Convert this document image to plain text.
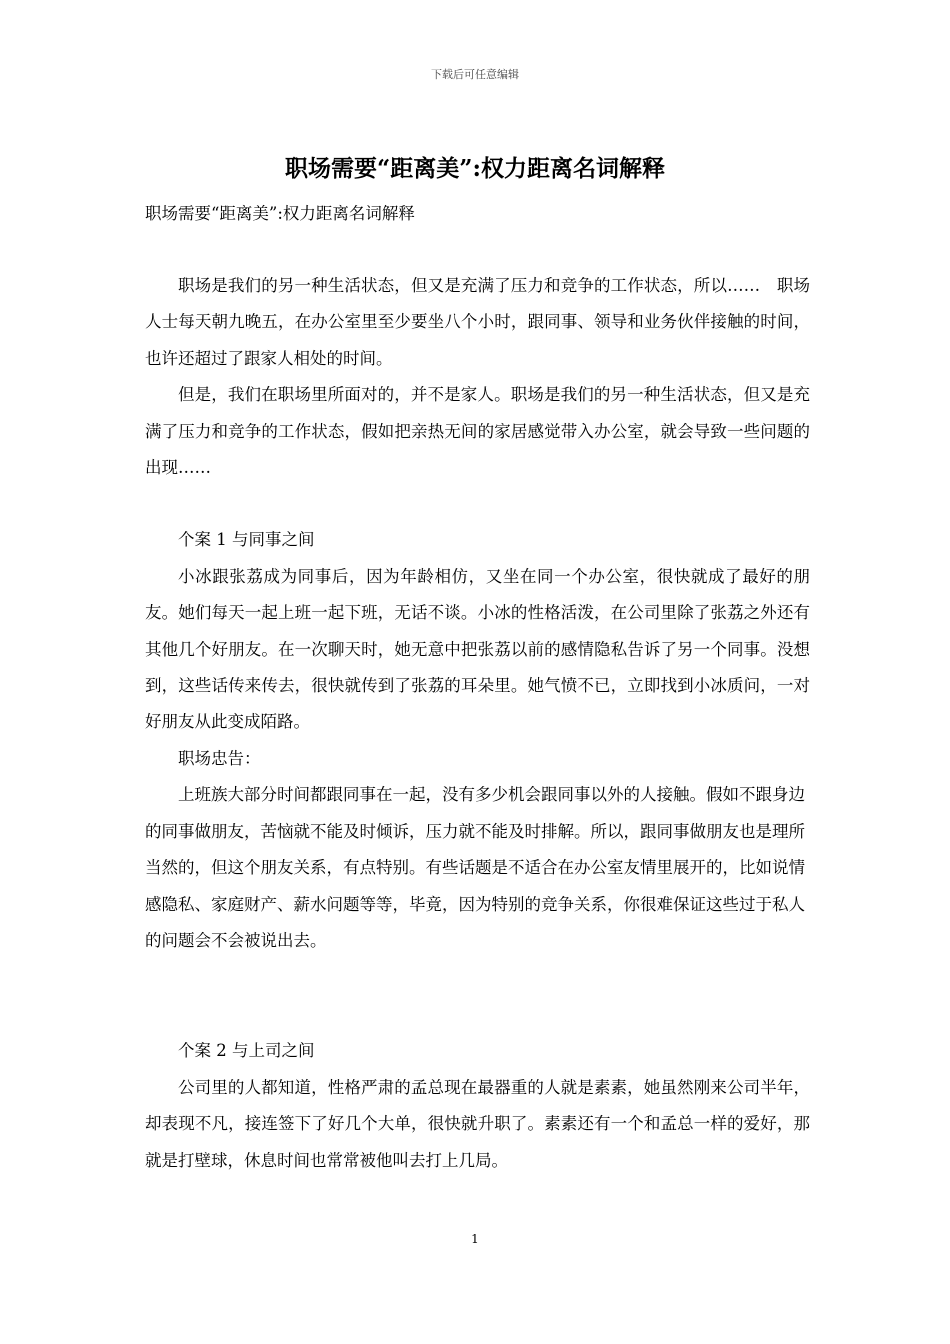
下载后可任意编辑
职场需要“距离美”:权力距离名词解释

职场需要“距离美”:权力距离名词解释

职场是我们的另一种生活状态，但又是充满了压力和竞争的工作状态，所以……　职场人士每天朝九晚五，在办公室里至少要坐八个小时，跟同事、领导和业务伙伴接触的时间，也许还超过了跟家人相处的时间。

但是，我们在职场里所面对的，并不是家人。职场是我们的另一种生活状态，但又是充满了压力和竞争的工作状态，假如把亲热无间的家居感觉带入办公室，就会导致一些问题的出现……

个案 1 与同事之间

小冰跟张荔成为同事后，因为年龄相仿，又坐在同一个办公室，很快就成了最好的朋友。她们每天一起上班一起下班，无话不谈。小冰的性格活泼，在公司里除了张荔之外还有其他几个好朋友。在一次聊天时，她无意中把张荔以前的感情隐私告诉了另一个同事。没想到，这些话传来传去，很快就传到了张荔的耳朵里。她气愤不已，立即找到小冰质问，一对好朋友从此变成陌路。

职场忠告：

上班族大部分时间都跟同事在一起，没有多少机会跟同事以外的人接触。假如不跟身边的同事做朋友，苦恼就不能及时倾诉，压力就不能及时排解。所以，跟同事做朋友也是理所当然的，但这个朋友关系，有点特别。有些话题是不适合在办公室友情里展开的，比如说情感隐私、家庭财产、薪水问题等等，毕竟，因为特别的竞争关系，你很难保证这些过于私人的问题会不会被说出去。

个案 2 与上司之间

公司里的人都知道，性格严肃的孟总现在最器重的人就是素素，她虽然刚来公司半年，却表现不凡，接连签下了好几个大单，很快就升职了。素素还有一个和孟总一样的爱好，那就是打壁球，休息时间也常常被他叫去打上几局。

1
